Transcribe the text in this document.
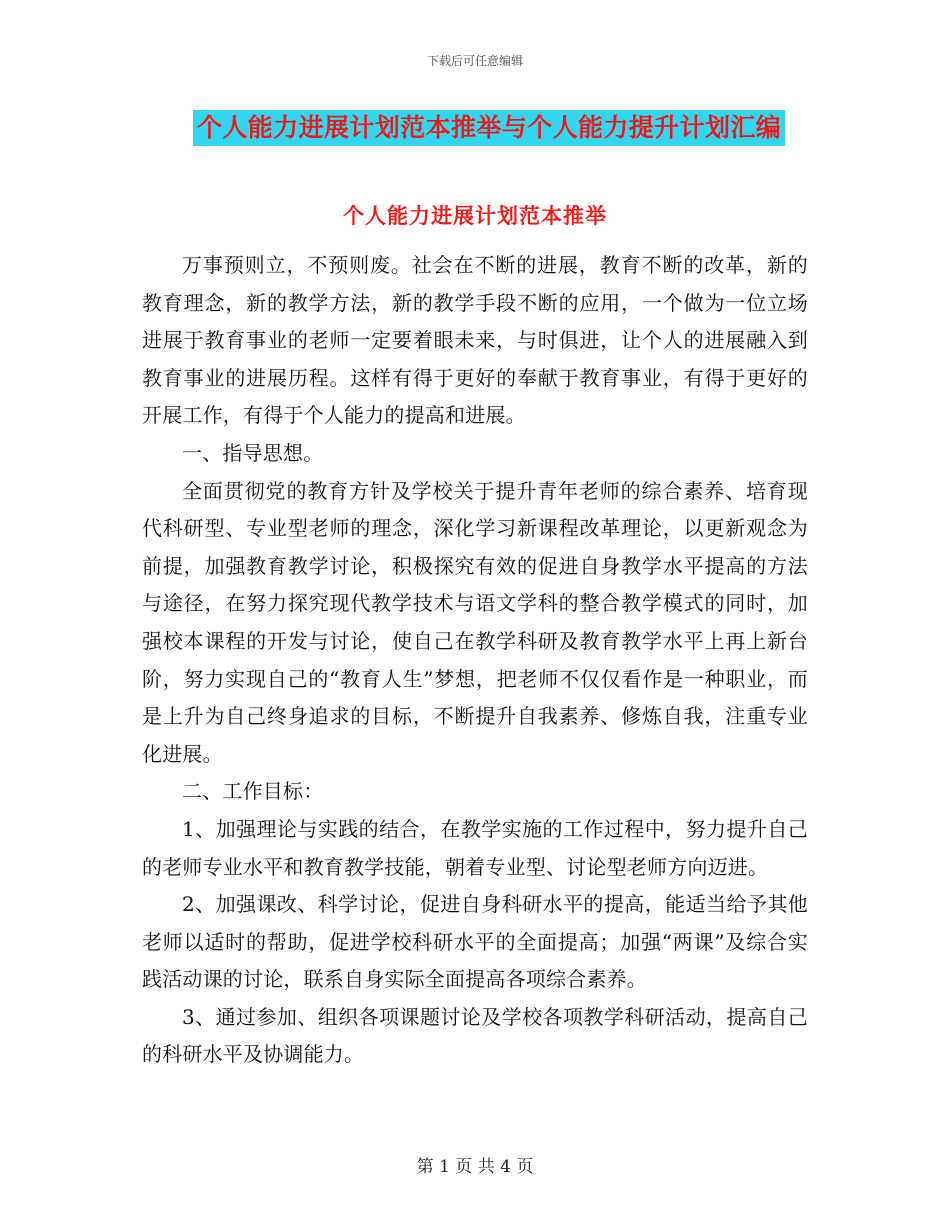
下载后可任意编辑
个人能力进展计划范本推举与个人能力提升计划汇编
个人能力进展计划范本推举

万事预则立，不预则废。社会在不断的进展，教育不断的改革，新的教育理念，新的教学方法，新的教学手段不断的应用，一个做为一位立场进展于教育事业的老师一定要着眼未来，与时俱进，让个人的进展融入到教育事业的进展历程。这样有得于更好的奉献于教育事业，有得于更好的开展工作，有得于个人能力的提高和进展。

一、指导思想。

全面贯彻党的教育方针及学校关于提升青年老师的综合素养、培育现代科研型、专业型老师的理念，深化学习新课程改革理论，以更新观念为前提，加强教育教学讨论，积极探究有效的促进自身教学水平提高的方法与途径，在努力探究现代教学技术与语文学科的整合教学模式的同时，加强校本课程的开发与讨论，使自己在教学科研及教育教学水平上再上新台阶，努力实现自己的“教育人生”梦想，把老师不仅仅看作是一种职业，而是上升为自己终身追求的目标，不断提升自我素养、修炼自我，注重专业化进展。

二、工作目标：

1、加强理论与实践的结合，在教学实施的工作过程中，努力提升自己的老师专业水平和教育教学技能，朝着专业型、讨论型老师方向迈进。

2、加强课改、科学讨论，促进自身科研水平的提高，能适当给予其他老师以适时的帮助，促进学校科研水平的全面提高；加强“两课”及综合实践活动课的讨论，联系自身实际全面提高各项综合素养。

3、通过参加、组织各项课题讨论及学校各项教学科研活动，提高自己的科研水平及协调能力。

第 1 页 共 4 页
